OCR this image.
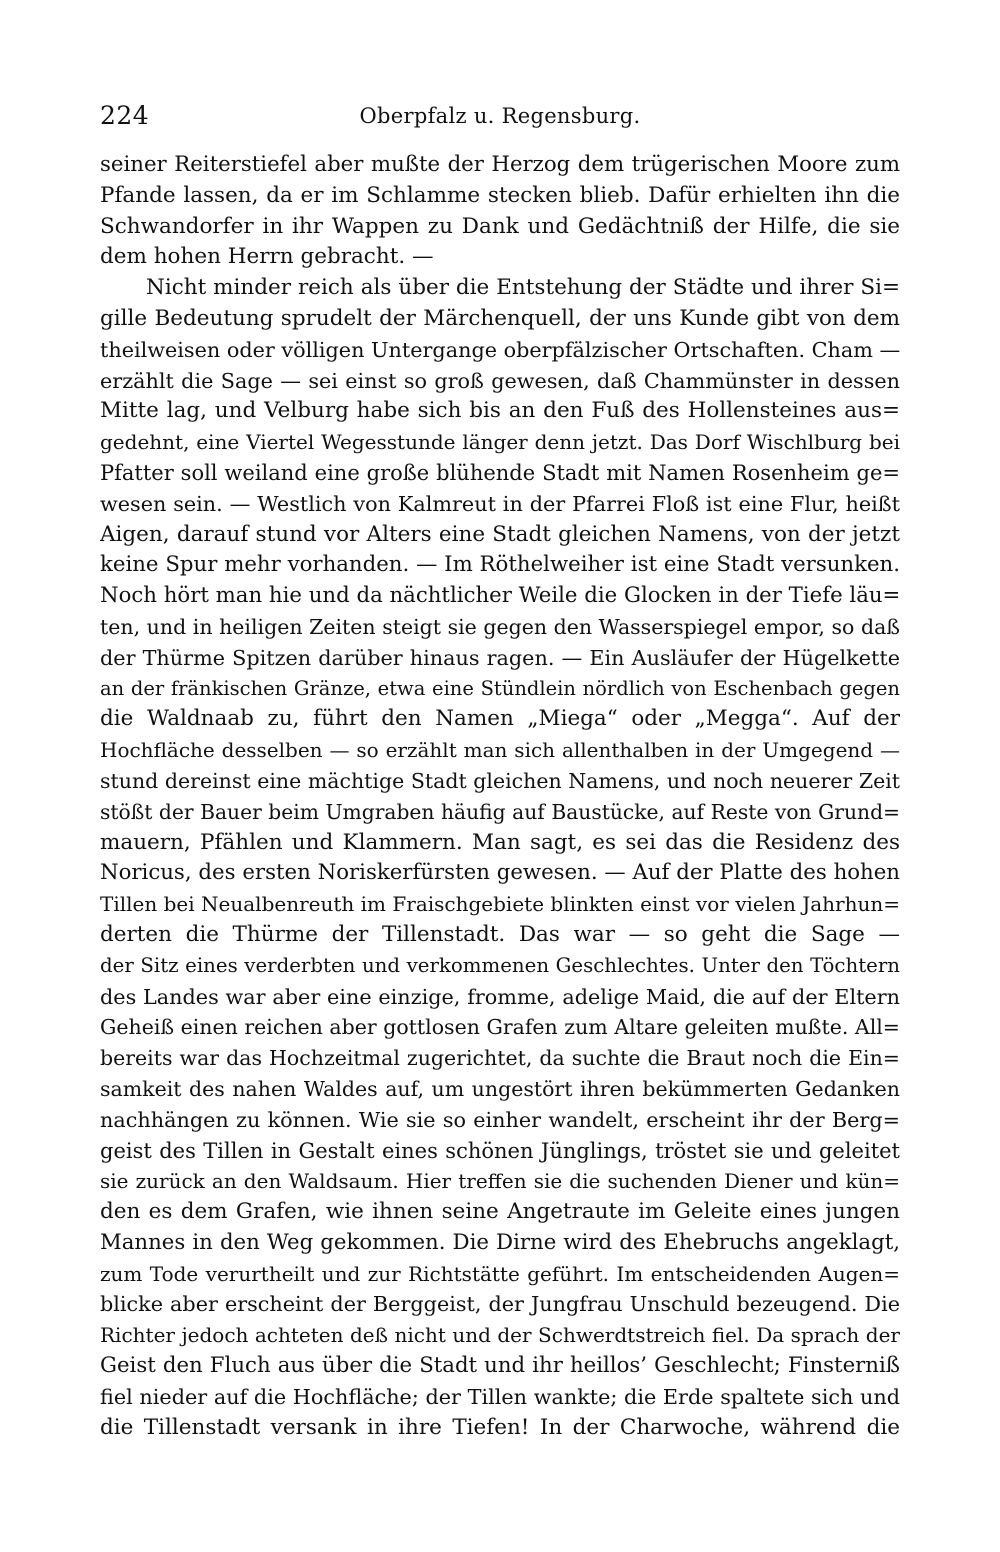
224	Oberpfalz u. Regensburg.
seiner Reiterstiefel aber mußte der Herzog dem trügerischen Moore zum
Pfande lassen, da er im Schlamme stecken blieb. Dafür erhielten ihn die
Schwandorfer in ihr Wappen zu Dank und Gedächtniß der Hilfe, die sie
dem hohen Herrn gebracht. —
Nicht minder reich als über die Entstehung der Städte und ihrer Si=
gille Bedeutung sprudelt der Märchenquell, der uns Kunde gibt von dem
theilweisen oder völligen Untergange oberpfälzischer Ortschaften. Cham —
erzählt die Sage — sei einst so groß gewesen, daß Chammünster in dessen
Mitte lag, und Velburg habe sich bis an den Fuß des Hollensteines aus=
gedehnt, eine Viertel Wegesstunde länger denn jetzt. Das Dorf Wischlburg bei
Pfatter soll weiland eine große blühende Stadt mit Namen Rosenheim ge=
wesen sein. — Westlich von Kalmreut in der Pfarrei Floß ist eine Flur, heißt
Aigen, darauf stund vor Alters eine Stadt gleichen Namens, von der jetzt
keine Spur mehr vorhanden. — Im Röthelweiher ist eine Stadt versunken.
Noch hört man hie und da nächtlicher Weile die Glocken in der Tiefe läu=
ten, und in heiligen Zeiten steigt sie gegen den Wasserspiegel empor, so daß
der Thürme Spitzen darüber hinaus ragen. — Ein Ausläufer der Hügelkette
an der fränkischen Gränze, etwa eine Stündlein nördlich von Eschenbach gegen
die Waldnaab zu, führt den Namen „Miega“ oder „Megga“. Auf der
Hochfläche desselben — so erzählt man sich allenthalben in der Umgegend —
stund dereinst eine mächtige Stadt gleichen Namens, und noch neuerer Zeit
stößt der Bauer beim Umgraben häufig auf Baustücke, auf Reste von Grund=
mauern, Pfählen und Klammern. Man sagt, es sei das die Residenz des
Noricus, des ersten Noriskerfürsten gewesen. — Auf der Platte des hohen
Tillen bei Neualbenreuth im Fraischgebiete blinkten einst vor vielen Jahrhun=
derten die Thürme der Tillenstadt. Das war — so geht die Sage —
der Sitz eines verderbten und verkommenen Geschlechtes. Unter den Töchtern
des Landes war aber eine einzige, fromme, adelige Maid, die auf der Eltern
Geheiß einen reichen aber gottlosen Grafen zum Altare geleiten mußte. All=
bereits war das Hochzeitmal zugerichtet, da suchte die Braut noch die Ein=
samkeit des nahen Waldes auf, um ungestört ihren bekümmerten Gedanken
nachhängen zu können. Wie sie so einher wandelt, erscheint ihr der Berg=
geist des Tillen in Gestalt eines schönen Jünglings, tröstet sie und geleitet
sie zurück an den Waldsaum. Hier treffen sie die suchenden Diener und kün=
den es dem Grafen, wie ihnen seine Angetraute im Geleite eines jungen
Mannes in den Weg gekommen. Die Dirne wird des Ehebruchs angeklagt,
zum Tode verurtheilt und zur Richtstätte geführt. Im entscheidenden Augen=
blicke aber erscheint der Berggeist, der Jungfrau Unschuld bezeugend. Die
Richter jedoch achteten deß nicht und der Schwerdtstreich fiel. Da sprach der
Geist den Fluch aus über die Stadt und ihr heillos’ Geschlecht; Finsterniß
fiel nieder auf die Hochfläche; der Tillen wankte; die Erde spaltete sich und
die Tillenstadt versank in ihre Tiefen! In der Charwoche, während die
